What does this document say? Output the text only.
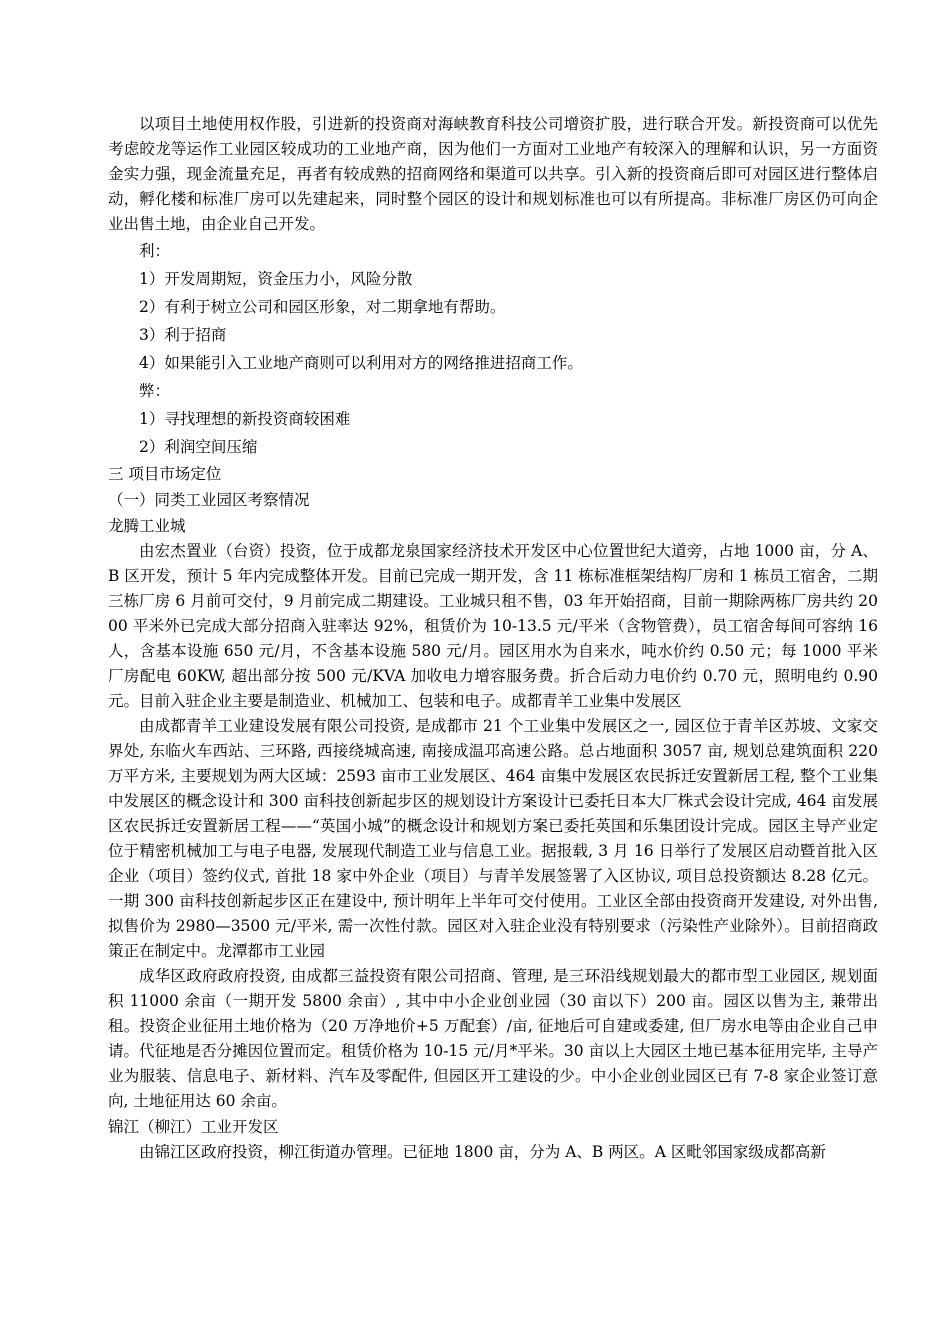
以项目土地使用权作股，引进新的投资商对海峡教育科技公司增资扩股，进行联合开发。新投资商可以优先考虑皎龙等运作工业园区较成功的工业地产商，因为他们一方面对工业地产有较深入的理解和认识，另一方面资金实力强，现金流量充足，再者有较成熟的招商网络和渠道可以共享。引入新的投资商后即可对园区进行整体启动，孵化楼和标准厂房可以先建起来，同时整个园区的设计和规划标准也可以有所提高。非标准厂房区仍可向企业出售土地，由企业自己开发。

利：

1）开发周期短，资金压力小，风险分散

2）有利于树立公司和园区形象，对二期拿地有帮助。

3）利于招商

4）如果能引入工业地产商则可以利用对方的网络推进招商工作。

弊：

1）寻找理想的新投资商较困难

2）利润空间压缩

三 项目市场定位

（一）同类工业园区考察情况

龙腾工业城

由宏杰置业（台资）投资，位于成都龙泉国家经济技术开发区中心位置世纪大道旁，占地 1000 亩，分 A、B 区开发，预计 5 年内完成整体开发。目前已完成一期开发，含 11 栋标准框架结构厂房和 1 栋员工宿舍，二期三栋厂房 6 月前可交付，9 月前完成二期建设。工业城只租不售，03 年开始招商，目前一期除两栋厂房共约 2000 平米外已完成大部分招商入驻率达 92%，租赁价为 10-13.5 元/平米（含物管费），员工宿舍每间可容纳 16 人，含基本设施 650 元/月，不含基本设施 580 元/月。园区用水为自来水，吨水价约 0.50 元；每 1000 平米厂房配电 60KW, 超出部分按 500 元/KVA 加收电力增容服务费。折合后动力电价约 0.70 元，照明电约 0.90 元。目前入驻企业主要是制造业、机械加工、包装和电子。成都青羊工业集中发展区

由成都青羊工业建设发展有限公司投资, 是成都市 21 个工业集中发展区之一, 园区位于青羊区苏坡、文家交界处, 东临火车西站、三环路, 西接绕城高速, 南接成温邛高速公路。总占地面积 3057 亩, 规划总建筑面积 220 万平方米, 主要规划为两大区域：2593 亩市工业发展区、464 亩集中发展区农民拆迁安置新居工程, 整个工业集中发展区的概念设计和 300 亩科技创新起步区的规划设计方案设计已委托日本大厂株式会设计完成, 464 亩发展区农民拆迁安置新居工程——“英国小城”的概念设计和规划方案已委托英国和乐集团设计完成。园区主导产业定位于精密机械加工与电子电器, 发展现代制造工业与信息工业。据报载, 3 月 16 日举行了发展区启动暨首批入区企业（项目）签约仪式, 首批 18 家中外企业（项目）与青羊发展签署了入区协议, 项目总投资额达 8.28 亿元。一期 300 亩科技创新起步区正在建设中, 预计明年上半年可交付使用。工业区全部由投资商开发建设, 对外出售, 拟售价为 2980—3500 元/平米, 需一次性付款。园区对入驻企业没有特别要求（污染性产业除外）。目前招商政策正在制定中。龙潭都市工业园

成华区政府政府投资, 由成都三益投资有限公司招商、管理, 是三环沿线规划最大的都市型工业园区, 规划面积 11000 余亩（一期开发 5800 余亩）, 其中中小企业创业园（30 亩以下）200 亩。园区以售为主, 兼带出租。投资企业征用土地价格为（20 万净地价+5 万配套）/亩, 征地后可自建或委建, 但厂房水电等由企业自己申请。代征地是否分摊因位置而定。租赁价格为 10-15 元/月*平米。30 亩以上大园区土地已基本征用完毕, 主导产业为服装、信息电子、新材料、汽车及零配件, 但园区开工建设的少。中小企业创业园区已有 7-8 家企业签订意向, 土地征用达 60 余亩。

锦江（柳江）工业开发区

由锦江区政府投资，柳江街道办管理。已征地 1800 亩，分为 A、B 两区。A 区毗邻国家级成都高新
